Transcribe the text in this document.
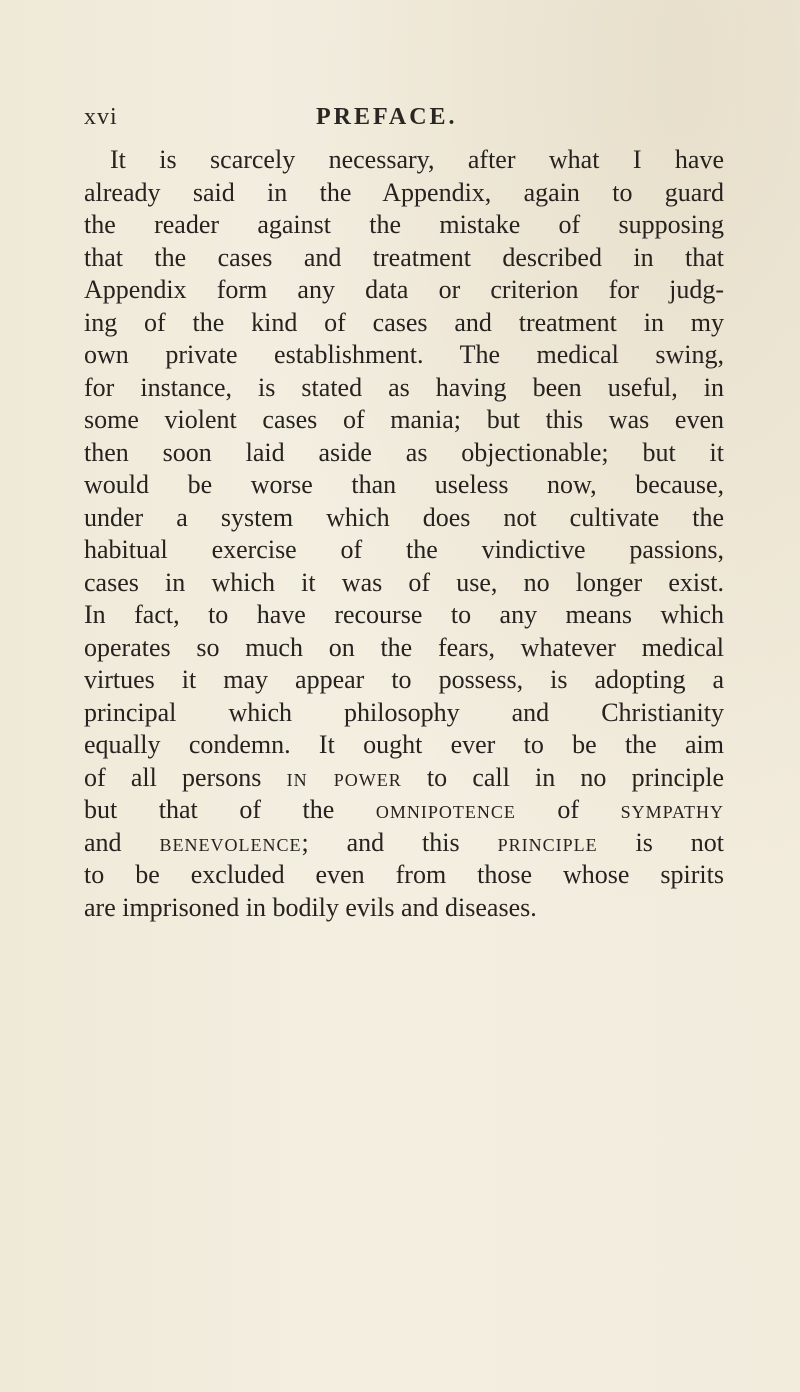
xvi	PREFACE.
It is scarcely necessary, after what I have
already said in the Appendix, again to guard
the reader against the mistake of supposing
that the cases and treatment described in that
Appendix form any data or criterion for judg-
ing of the kind of cases and treatment in my
own private establishment. The medical swing,
for instance, is stated as having been useful, in
some violent cases of mania; but this was even
then soon laid aside as objectionable; but it
would be worse than useless now, because,
under a system which does not cultivate the
habitual exercise of the vindictive passions,
cases in which it was of use, no longer exist.
In fact, to have recourse to any means which
operates so much on the fears, whatever medical
virtues it may appear to possess, is adopting a
principal which philosophy and Christianity
equally condemn. It ought ever to be the aim
of all persons in power to call in no principle
but that of the omnipotence of sympathy
and benevolence; and this principle is not
to be excluded even from those whose spirits
are imprisoned in bodily evils and diseases.
